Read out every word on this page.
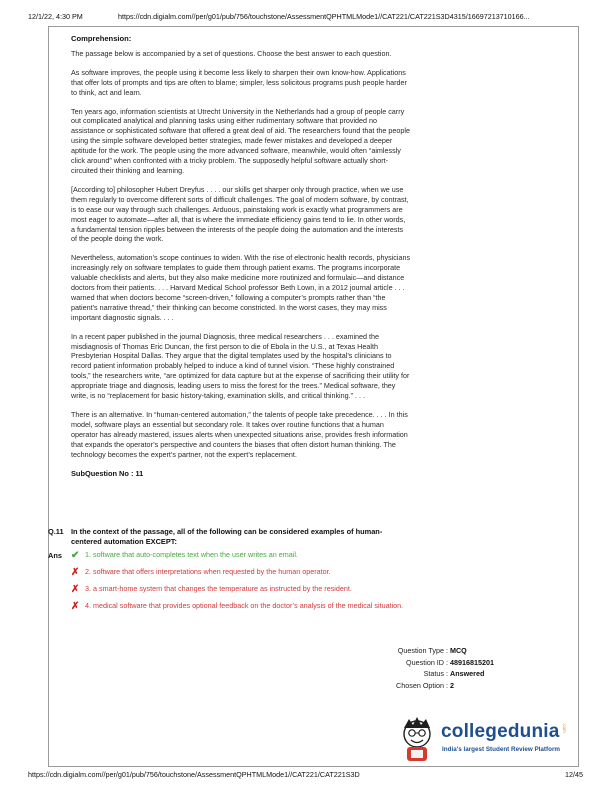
12/1/22, 4:30 PM	https://cdn.digialm.com//per/g01/pub/756/touchstone/AssessmentQPHTMLMode1//CAT221/CAT221S3D4315/16697213710166...
Comprehension:

The passage below is accompanied by a set of questions. Choose the best answer to each question.

As software improves, the people using it become less likely to sharpen their own know-how. Applications that offer lots of prompts and tips are often to blame; simpler, less solicitous programs push people harder to think, act and learn.

Ten years ago, information scientists at Utrecht University in the Netherlands had a group of people carry out complicated analytical and planning tasks using either rudimentary software that provided no assistance or sophisticated software that offered a great deal of aid. The researchers found that the people using the simple software developed better strategies, made fewer mistakes and developed a deeper aptitude for the work. The people using the more advanced software, meanwhile, would often “aimlessly click around” when confronted with a tricky problem. The supposedly helpful software actually short-circuited their thinking and learning.

[According to] philosopher Hubert Dreyfus . . . . our skills get sharper only through practice, when we use them regularly to overcome different sorts of difficult challenges. The goal of modern software, by contrast, is to ease our way through such challenges. Arduous, painstaking work is exactly what programmers are most eager to automate—after all, that is where the immediate efficiency gains tend to lie. In other words, a fundamental tension ripples between the interests of the people doing the automation and the interests of the people doing the work.

Nevertheless, automation’s scope continues to widen. With the rise of electronic health records, physicians increasingly rely on software templates to guide them through patient exams. The programs incorporate valuable checklists and alerts, but they also make medicine more routinized and formulaic—and distance doctors from their patients. . . . Harvard Medical School professor Beth Lown, in a 2012 journal article . . . warned that when doctors become “screen-driven,” following a computer’s prompts rather than “the patient’s narrative thread,” their thinking can become constricted. In the worst cases, they may miss important diagnostic signals. . . .

In a recent paper published in the journal Diagnosis, three medical researchers . . . examined the misdiagnosis of Thomas Eric Duncan, the first person to die of Ebola in the U.S., at Texas Health Presbyterian Hospital Dallas. They argue that the digital templates used by the hospital’s clinicians to record patient information probably helped to induce a kind of tunnel vision. “These highly constrained tools,” the researchers write, “are optimized for data capture but at the expense of sacrificing their utility for appropriate triage and diagnosis, leading users to miss the forest for the trees.” Medical software, they write, is no “replacement for basic history-taking, examination skills, and critical thinking.” . . .

There is an alternative. In “human-centered automation,” the talents of people take precedence. . . . In this model, software plays an essential but secondary role. It takes over routine functions that a human operator has already mastered, issues alerts when unexpected situations arise, provides fresh information that expands the operator’s perspective and counters the biases that often distort human thinking. The technology becomes the expert’s partner, not the expert’s replacement.

SubQuestion No : 11
Q.11 In the context of the passage, all of the following can be considered examples of human-centered automation EXCEPT:
Ans ✔ 1. software that auto-completes text when the user writes an email.
✗ 2. software that offers interpretations when requested by the human operator.
✗ 3. a smart-home system that changes the temperature as instructed by the resident.
✗ 4. medical software that provides optional feedback on the doctor’s analysis of the medical situation.
Question Type : MCQ
Question ID : 48916815201
Status : Answered
Chosen Option : 2
collegedunia .com
India's largest Student Review Platform
https://cdn.digialm.com//per/g01/pub/756/touchstone/AssessmentQPHTMLMode1//CAT221/CAT221S3D	12/45
